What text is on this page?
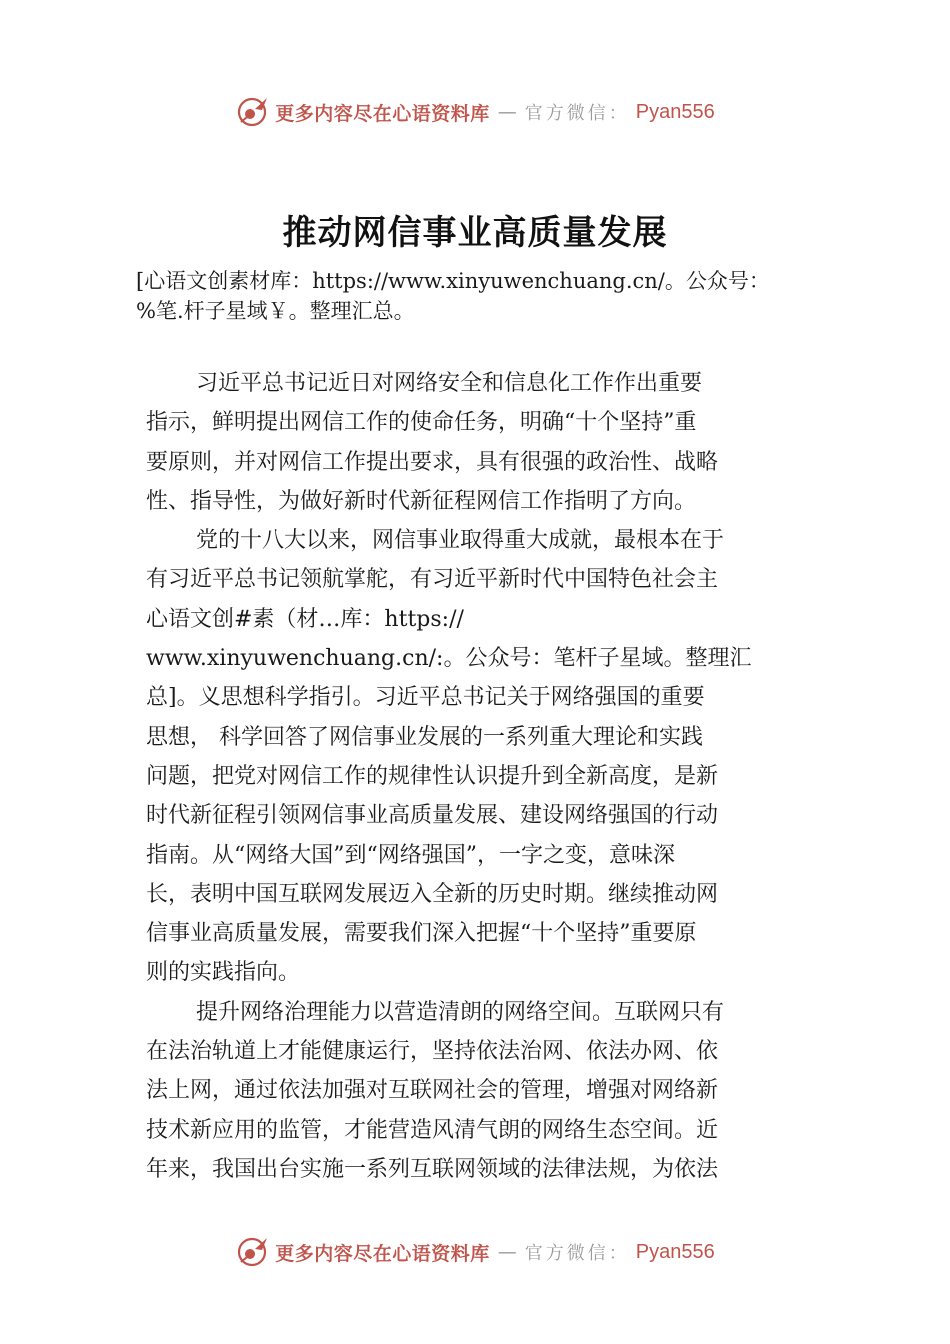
更多内容尽在心语资料库 — 官方微信： Pyan556
推动网信事业高质量发展
[心语文创素材库：https://www.xinyuwenchuang.cn/。公众号：
%笔.杆子星域￥。整理汇总。
习近平总书记近日对网络安全和信息化工作作出重要
指示，鲜明提出网信工作的使命任务，明确“十个坚持”重
要原则，并对网信工作提出要求，具有很强的政治性、战略
性、指导性，为做好新时代新征程网信工作指明了方向。
党的十八大以来，网信事业取得重大成就，最根本在于
有习近平总书记领航掌舵，有习近平新时代中国特色社会主
心语文创#素（材…库：https://
www.xinyuwenchuang.cn/:。公众号：笔杆子星域。整理汇
总]。义思想科学指引。习近平总书记关于网络强国的重要
思想， 科学回答了网信事业发展的一系列重大理论和实践
问题，把党对网信工作的规律性认识提升到全新高度，是新
时代新征程引领网信事业高质量发展、建设网络强国的行动
指南。从“网络大国”到“网络强国”，一字之变，意味深
长，表明中国互联网发展迈入全新的历史时期。继续推动网
信事业高质量发展，需要我们深入把握“十个坚持”重要原
则的实践指向。
提升网络治理能力以营造清朗的网络空间。互联网只有
在法治轨道上才能健康运行，坚持依法治网、依法办网、依
法上网，通过依法加强对互联网社会的管理，增强对网络新
技术新应用的监管，才能营造风清气朗的网络生态空间。近
年来，我国出台实施一系列互联网领域的法律法规，为依法
更多内容尽在心语资料库 — 官方微信： Pyan556
